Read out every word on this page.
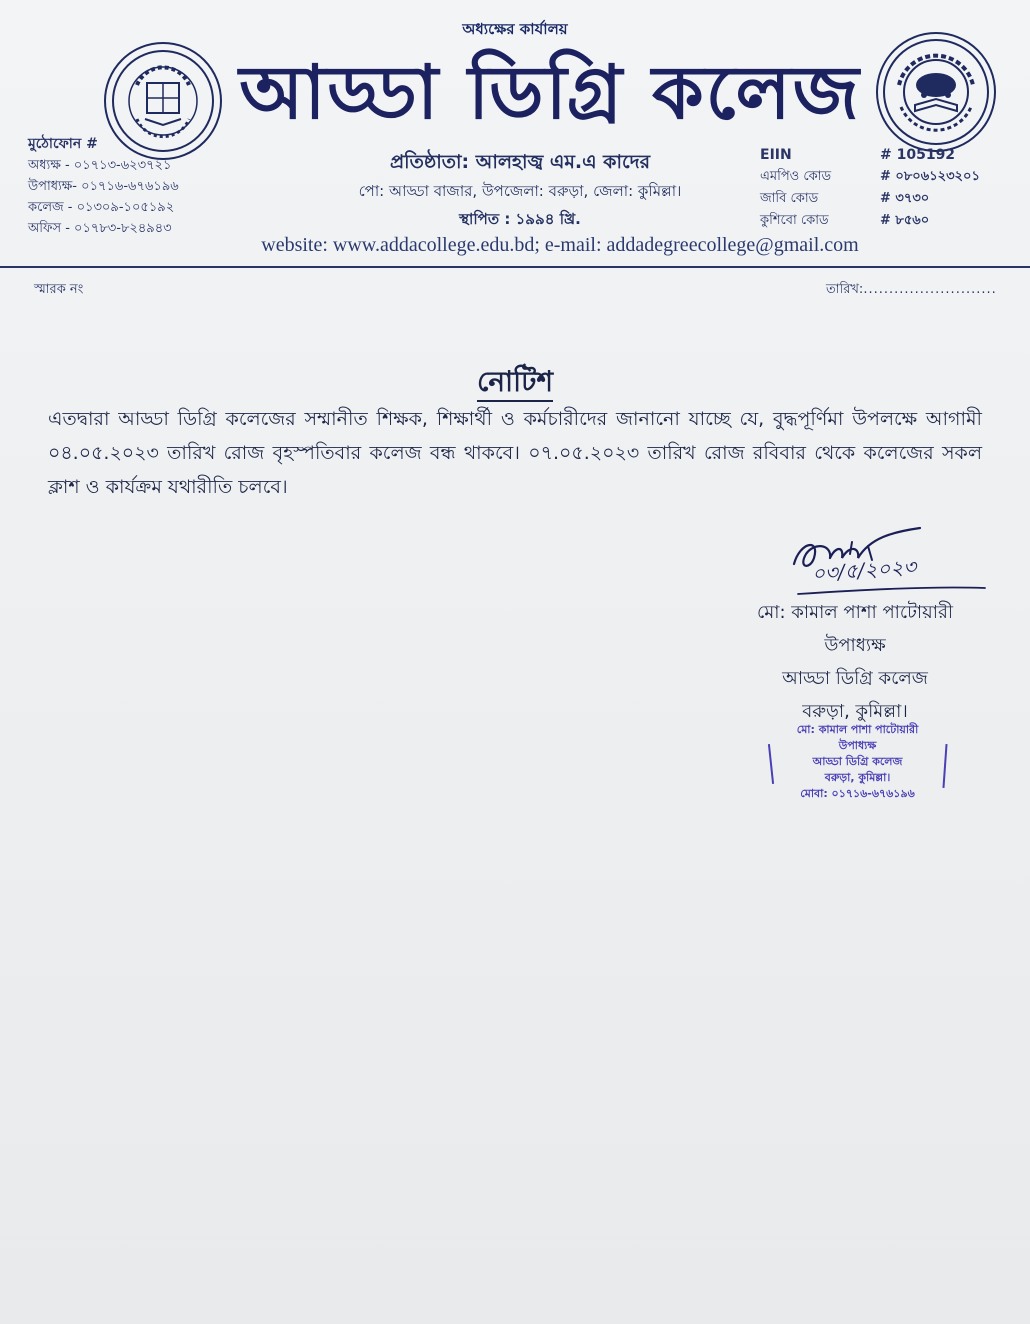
অধ্যক্ষের কার্যালয়
আড্ডা ডিগ্রি কলেজ
প্রতিষ্ঠাতা: আলহাজ্ব এম.এ কাদের
পো: আড্ডা বাজার, উপজেলা: বরুড়া, জেলা: কুমিল্লা।
স্থাপিত : ১৯৯৪ খ্রি.
website: www.addacollege.edu.bd; e-mail: addadegreecollege@gmail.com
মুঠোফোন #
অধ্যক্ষ - ০১৭১৩-৬২৩৭২১
উপাধ্যক্ষ- ০১৭১৬-৬৭৬১৯৬
কলেজ - ০১৩০৯-১০৫১৯২
অফিস - ০১৭৮৩-৮২৪৯৪৩
EIIN	# 105192
এমপিও কোড	# ০৮০৬১২৩২০১
জাবি কোড	# ৩৭৩০
কুশিবো কোড	# ৮৫৬০
স্মারক নং	তারিখ:..........................
নোটিশ
এতদ্বারা আড্ডা ডিগ্রি কলেজের সম্মানীত শিক্ষক, শিক্ষার্থী ও কর্মচারীদের জানানো যাচ্ছে যে, বুদ্ধপূর্ণিমা উপলক্ষে আগামী ০৪.০৫.২০২৩ তারিখ রোজ বৃহস্পতিবার কলেজ বন্ধ থাকবে। ০৭.০৫.২০২৩ তারিখ রোজ রবিবার থেকে কলেজের সকল ক্লাশ ও কার্যক্রম যথারীতি চলবে।
০৩/৫/২০২৩
মো: কামাল পাশা পাটোয়ারী
উপাধ্যক্ষ
আড্ডা ডিগ্রি কলেজ
বরুড়া, কুমিল্লা।
মো: কামাল পাশা পাটোয়ারী
উপাধ্যক্ষ
আড্ডা ডিগ্রি কলেজ
বরুড়া, কুমিল্লা।
মোবা: ০১৭১৬-৬৭৬১৯৬
